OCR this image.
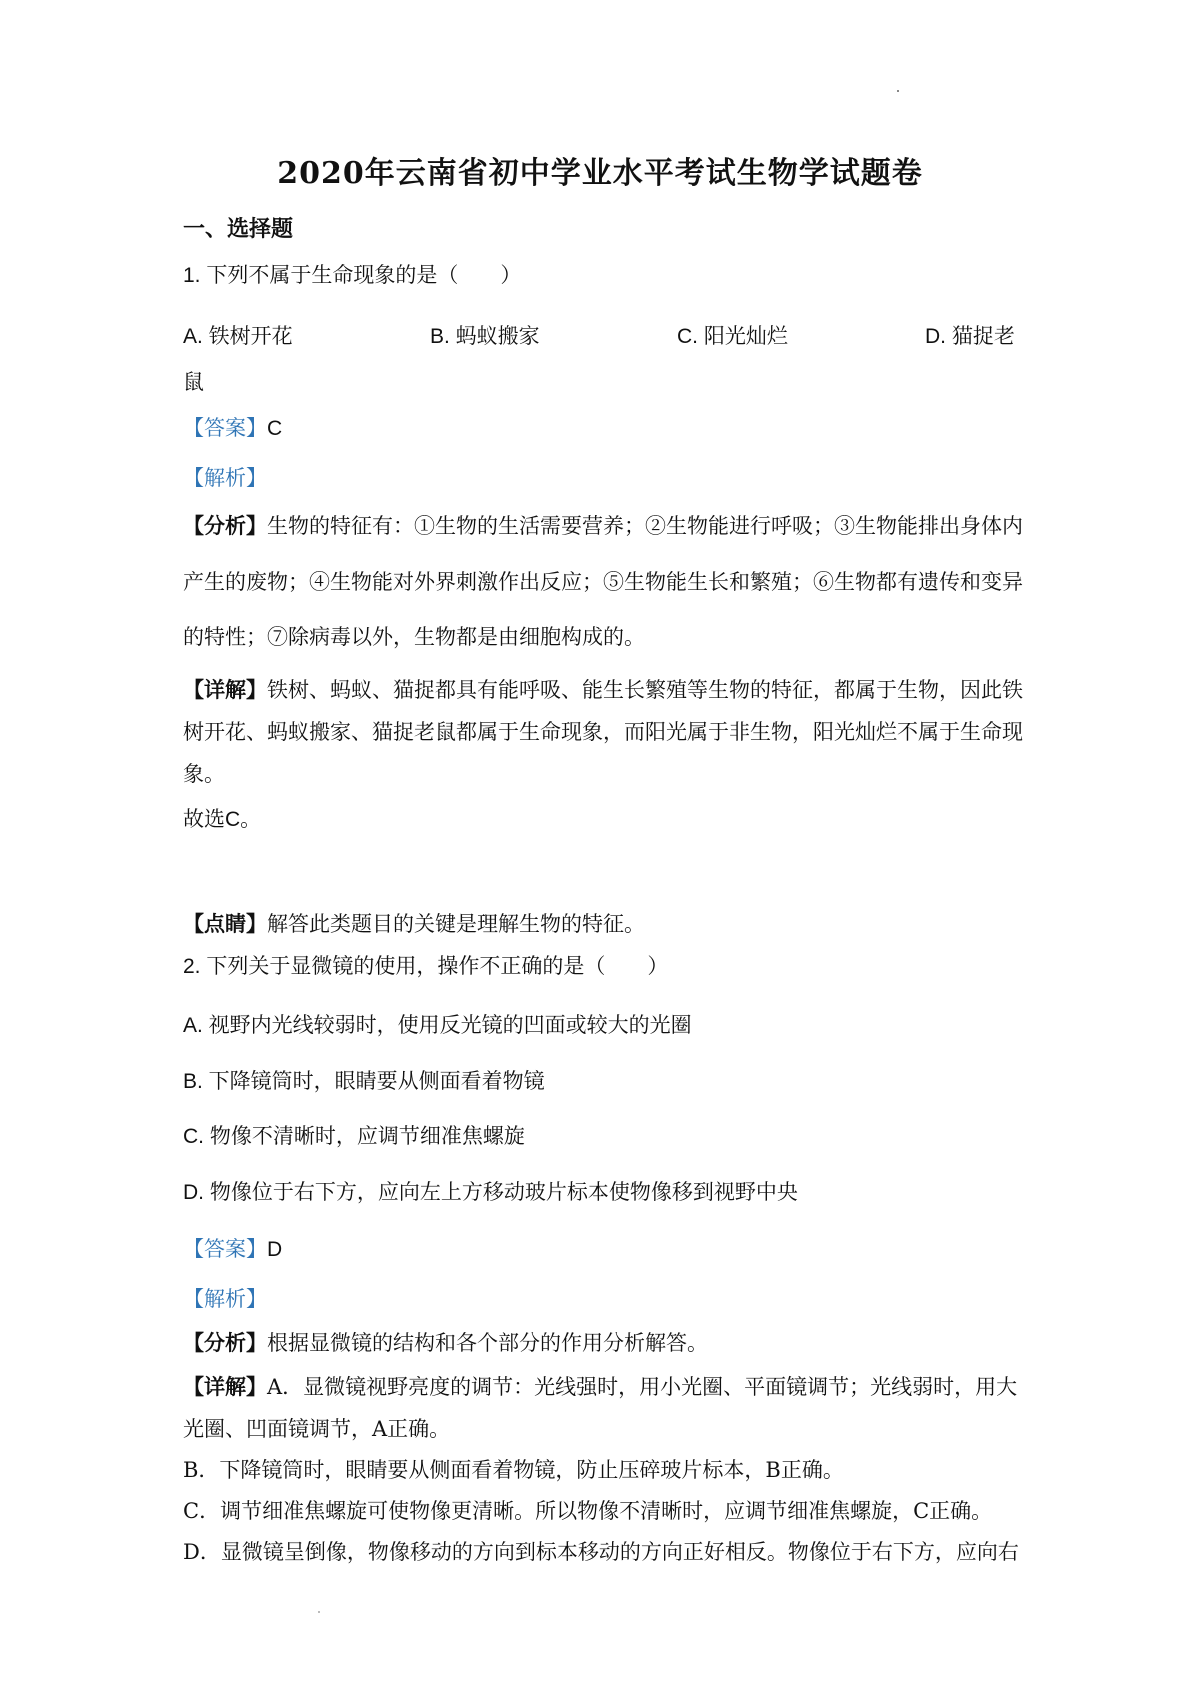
2020年云南省初中学业水平考试生物学试题卷
一、选择题
1. 下列不属于生命现象的是（　　）
A. 铁树开花	B. 蚂蚁搬家	C. 阳光灿烂	D. 猫捉老
鼠
【答案】C
【解析】
【分析】生物的特征有：①生物的生活需要营养；②生物能进行呼吸；③生物能排出身体内
产生的废物；④生物能对外界刺激作出反应；⑤生物能生长和繁殖；⑥生物都有遗传和变异
的特性；⑦除病毒以外，生物都是由细胞构成的。
【详解】铁树、蚂蚁、猫捉都具有能呼吸、能生长繁殖等生物的特征，都属于生物，因此铁
树开花、蚂蚁搬家、猫捉老鼠都属于生命现象，而阳光属于非生物，阳光灿烂不属于生命现
象。
故选C。
【点睛】解答此类题目的关键是理解生物的特征。
2. 下列关于显微镜的使用，操作不正确的是（　　）
A. 视野内光线较弱时，使用反光镜的凹面或较大的光圈
B. 下降镜筒时，眼睛要从侧面看着物镜
C. 物像不清晰时，应调节细准焦螺旋
D. 物像位于右下方，应向左上方移动玻片标本使物像移到视野中央
【答案】D
【解析】
【分析】根据显微镜的结构和各个部分的作用分析解答。
【详解】A．显微镜视野亮度的调节：光线强时，用小光圈、平面镜调节；光线弱时，用大
光圈、凹面镜调节，A正确。
B．下降镜筒时，眼睛要从侧面看着物镜，防止压碎玻片标本，B正确。
C．调节细准焦螺旋可使物像更清晰。所以物像不清晰时，应调节细准焦螺旋，C正确。
D．显微镜呈倒像，物像移动的方向到标本移动的方向正好相反。物像位于右下方，应向右
